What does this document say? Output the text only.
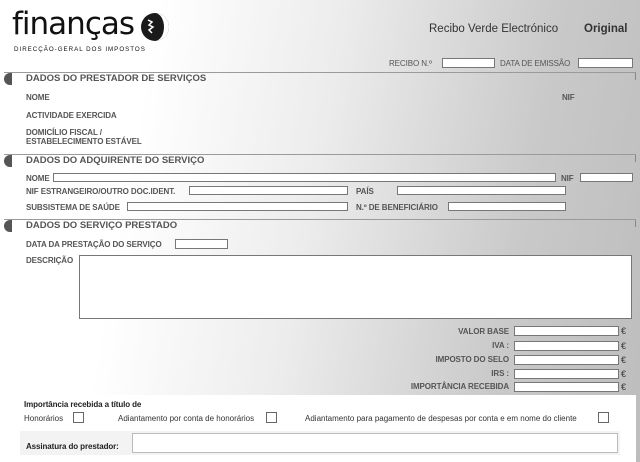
finanças
DIRECÇÃO-GERAL DOS IMPOSTOS
Recibo Verde Electrónico Original
RECIBO N.º	DATA DE EMISSÃO
DADOS DO PRESTADOR DE SERVIÇOS
NOME	NIF
ACTIVIDADE EXERCIDA
DOMICÍLIO FISCAL /
ESTABELECIMENTO ESTÁVEL
DADOS DO ADQUIRENTE DO SERVIÇO
NOME	NIF
NIF ESTRANGEIRO/OUTRO DOC.IDENT.	PAÍS
SUBSISTEMA DE SAÚDE	N.º DE BENEFICIÁRIO
DADOS DO SERVIÇO PRESTADO
DATA DA PRESTAÇÃO DO SERVIÇO
DESCRIÇÃO
VALOR BASE	€
IVA :	€
IMPOSTO DO SELO	€
IRS :	€
IMPORTÂNCIA RECEBIDA	€
Importância recebida a título de
Honorários	Adiantamento por conta de honorários	Adiantamento para pagamento de despesas por conta e em nome do cliente
Assinatura do prestador:
